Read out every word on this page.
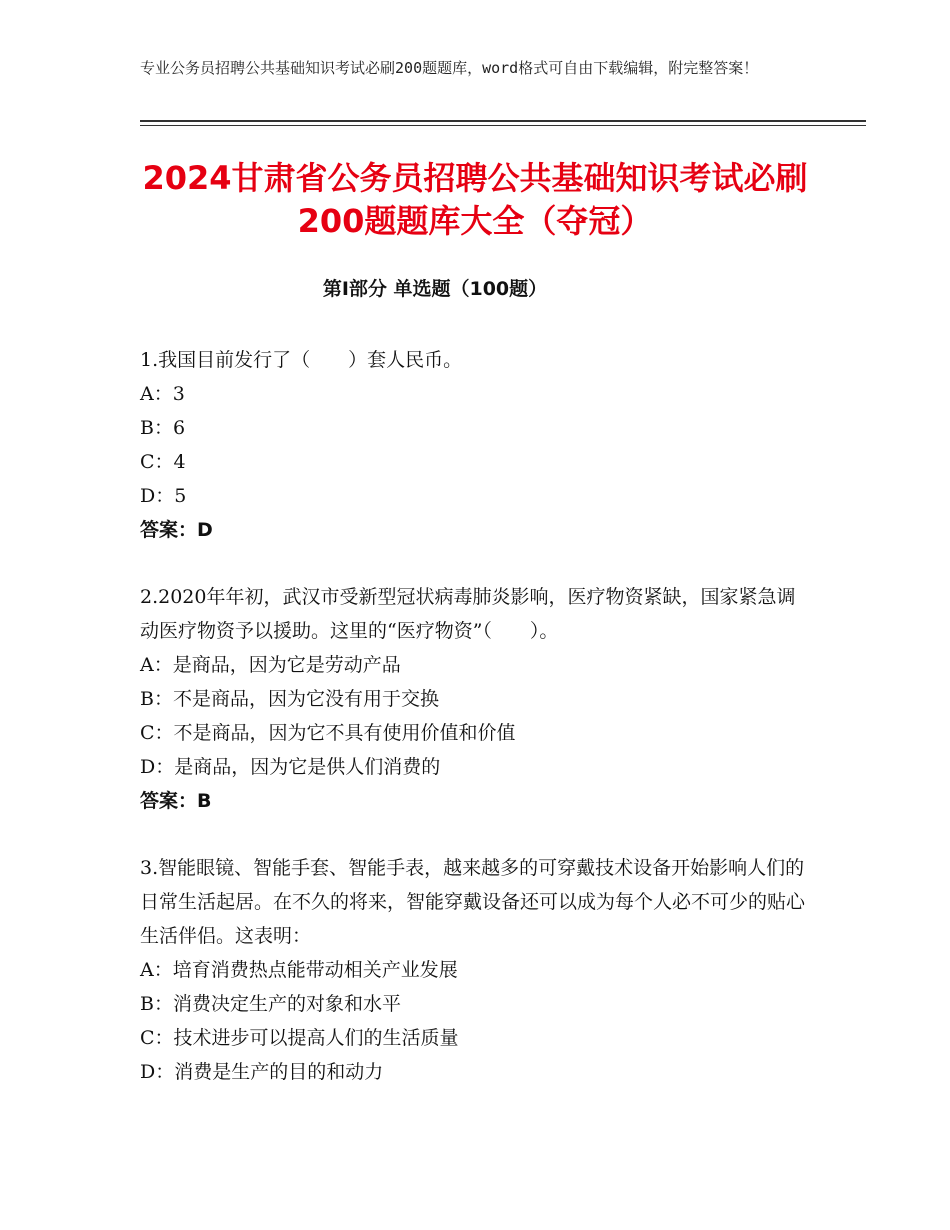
专业公务员招聘公共基础知识考试必刷200题题库，word格式可自由下载编辑，附完整答案！
2024甘肃省公务员招聘公共基础知识考试必刷200题题库大全（夺冠）
第Ⅰ部分 单选题（100题）

1.我国目前发行了（　　）套人民币。

A：3

B：6

C：4

D：5

答案：D

2.2020年年初，武汉市受新型冠状病毒肺炎影响，医疗物资紧缺，国家紧急调动医疗物资予以援助。这里的“医疗物资”（　　）。

A：是商品，因为它是劳动产品

B：不是商品，因为它没有用于交换

C：不是商品，因为它不具有使用价值和价值

D：是商品，因为它是供人们消费的

答案：B

3.智能眼镜、智能手套、智能手表，越来越多的可穿戴技术设备开始影响人们的日常生活起居。在不久的将来，智能穿戴设备还可以成为每个人必不可少的贴心生活伴侣。这表明：

A：培育消费热点能带动相关产业发展

B：消费决定生产的对象和水平

C：技术进步可以提高人们的生活质量

D：消费是生产的目的和动力
